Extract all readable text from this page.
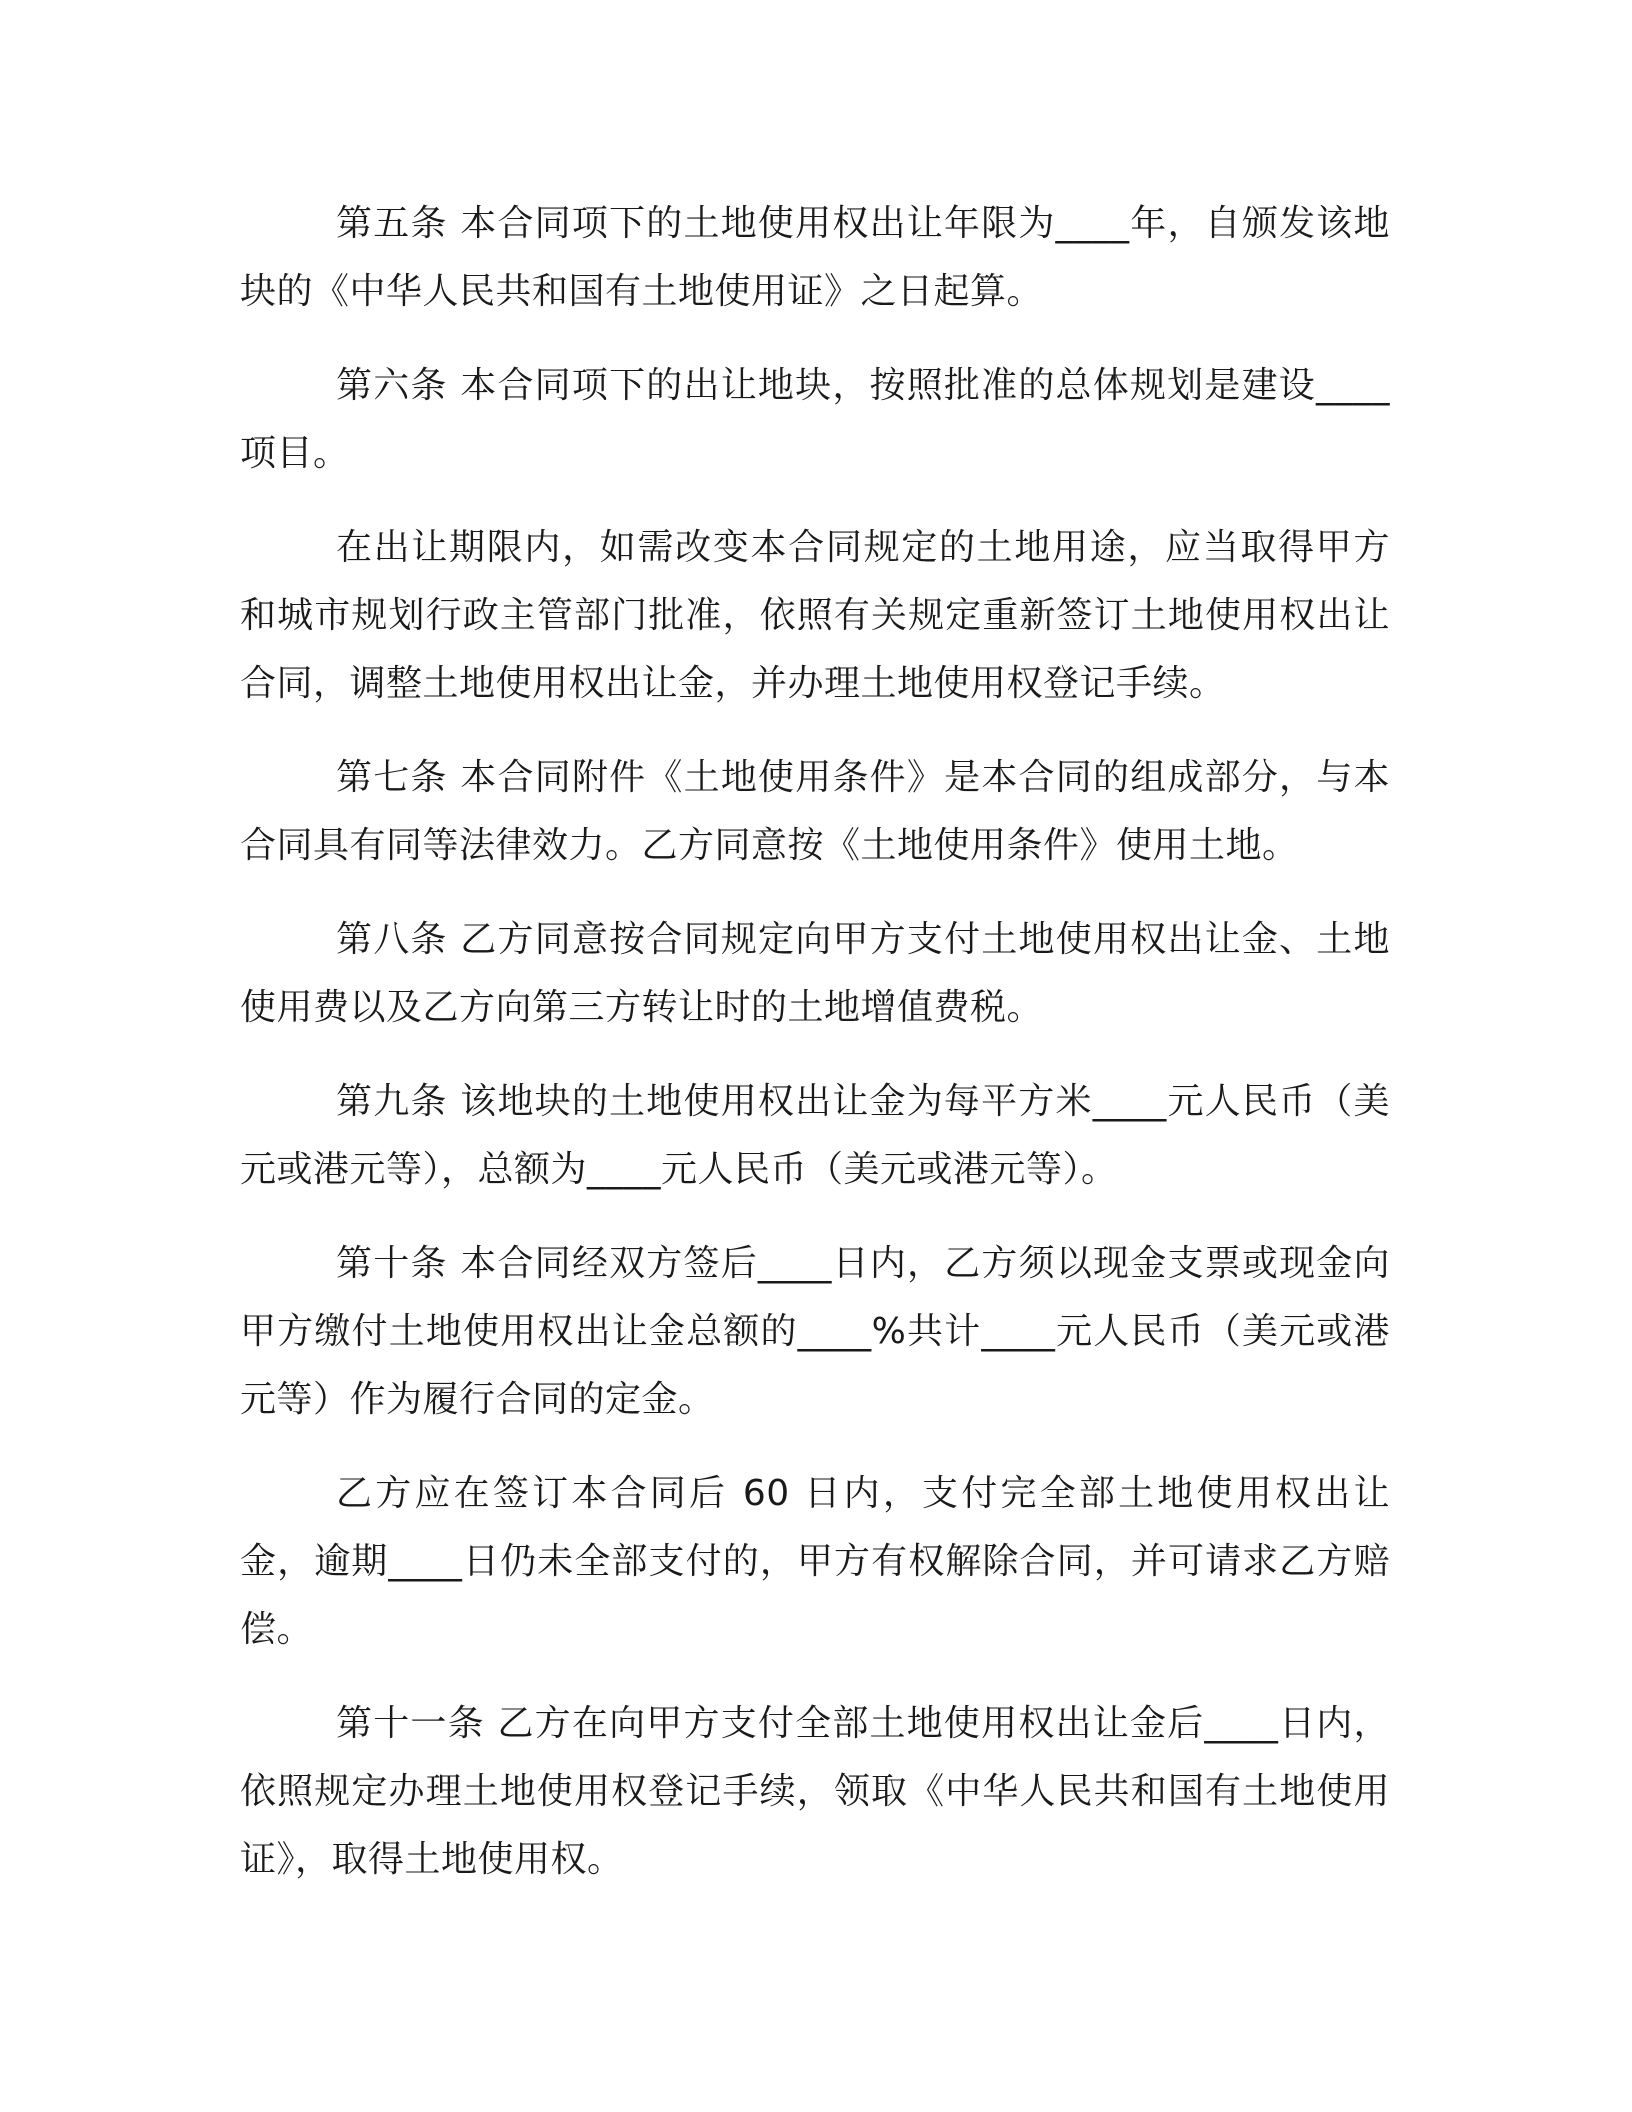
第五条 本合同项下的土地使用权出让年限为____年，自颁发该地块的《中华人民共和国有土地使用证》之日起算。

第六条 本合同项下的出让地块，按照批准的总体规划是建设____项目。

在出让期限内，如需改变本合同规定的土地用途，应当取得甲方和城市规划行政主管部门批准，依照有关规定重新签订土地使用权出让合同，调整土地使用权出让金，并办理土地使用权登记手续。

第七条 本合同附件《土地使用条件》是本合同的组成部分，与本合同具有同等法律效力。乙方同意按《土地使用条件》使用土地。

第八条 乙方同意按合同规定向甲方支付土地使用权出让金、土地使用费以及乙方向第三方转让时的土地增值费税。

第九条 该地块的土地使用权出让金为每平方米____元人民币（美元或港元等），总额为____元人民币（美元或港元等）。

第十条 本合同经双方签后____日内，乙方须以现金支票或现金向甲方缴付土地使用权出让金总额的____%共计____元人民币（美元或港元等）作为履行合同的定金。

乙方应在签订本合同后 60 日内，支付完全部土地使用权出让金，逾期____日仍未全部支付的，甲方有权解除合同，并可请求乙方赔偿。

第十一条 乙方在向甲方支付全部土地使用权出让金后____日内，依照规定办理土地使用权登记手续，领取《中华人民共和国有土地使用证》，取得土地使用权。
